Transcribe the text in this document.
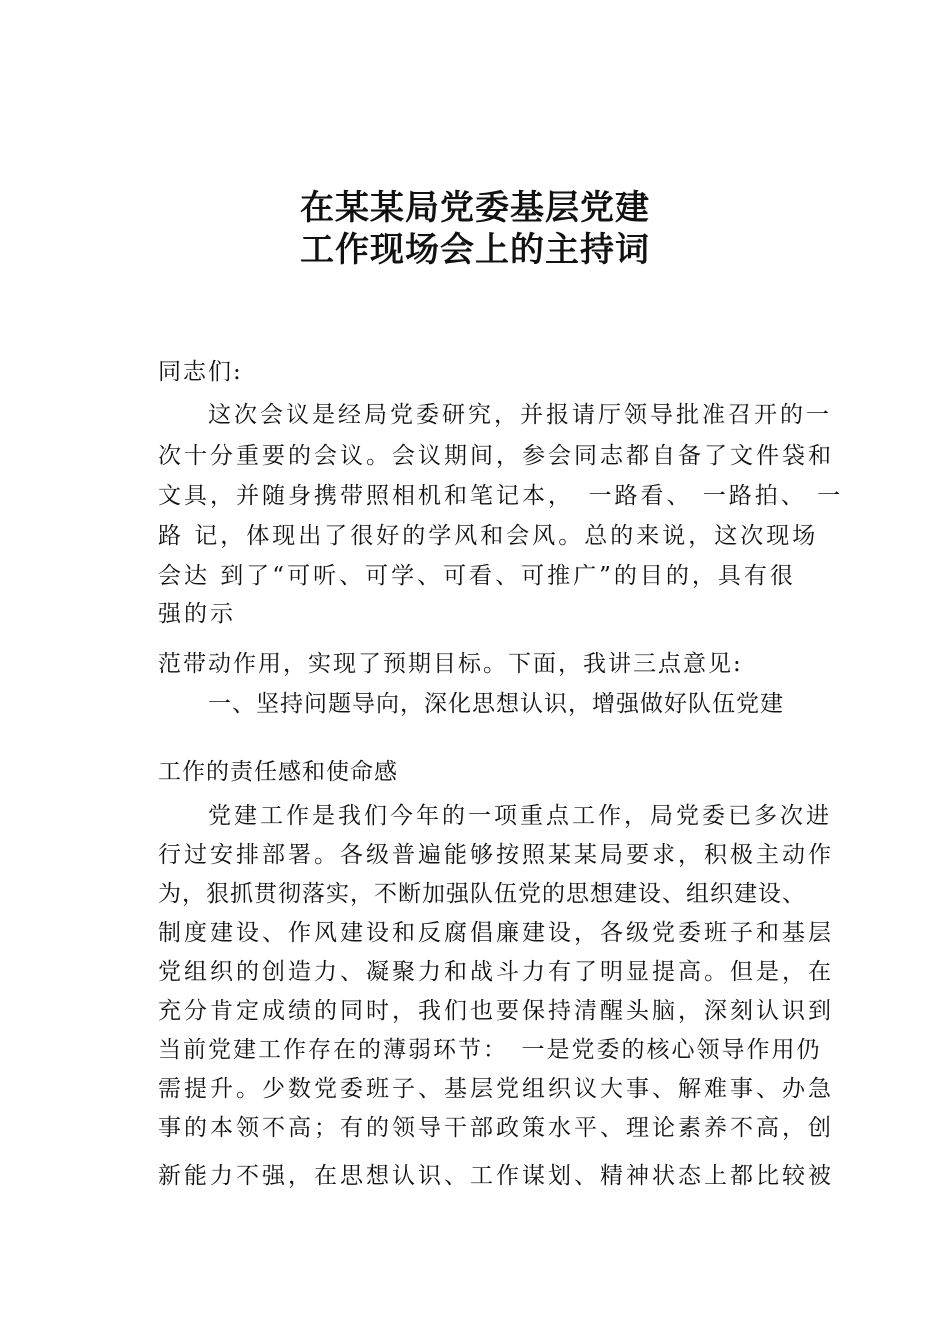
在某某局党委基层党建
工作现场会上的主持词

同志们:

这次会议是经局党委研究，并报请厅领导批准召开的一

次十分重要的会议。会议期间，参会同志都自备了文件袋和

文具，并随身携带照相机和笔记本，　一路看、 一路拍、 一

路 记，体现出了很好的学风和会风。总的来说，这次现场

会达 到了“可听、可学、可看、可推广”的目的，具有很

强的示

范带动作用，实现了预期目标。下面，我讲三点意见:

一、坚持问题导向，深化思想认识，增强做好队伍党建

工作的责任感和使命感

党建工作是我们今年的一项重点工作，局党委已多次进

行过安排部署。各级普遍能够按照某某局要求，积极主动作

为，狠抓贯彻落实，不断加强队伍党的思想建设、组织建设、

制度建设、作风建设和反腐倡廉建设，各级党委班子和基层

党组织的创造力、凝聚力和战斗力有了明显提高。但是，在

充分肯定成绩的同时，我们也要保持清醒头脑，深刻认识到

当前党建工作存在的薄弱环节：　一是党委的核心领导作用仍

需提升。少数党委班子、基层党组织议大事、解难事、办急

事的本领不高；有的领导干部政策水平、理论素养不高，创

新能力不强，在思想认识、工作谋划、精神状态上都比较被
